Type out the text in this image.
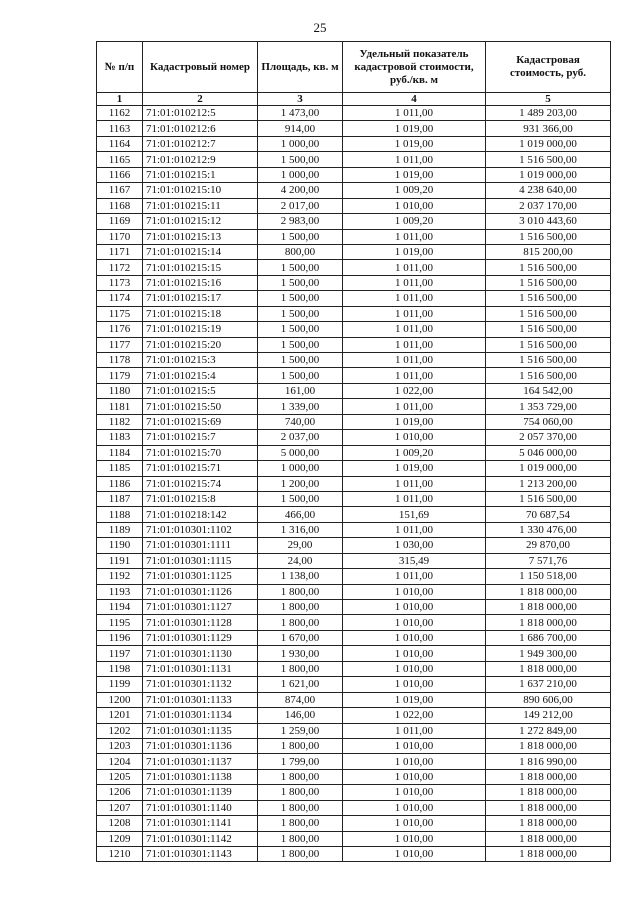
25
№ п/п	Кадастровый номер	Площадь, кв. м	Удельный показатель кадастровой стоимости, руб./кв. м	Кадастровая стоимость, руб.
1	2	3	4	5
1162	71:01:010212:5	1 473,00	1 011,00	1 489 203,00
1163	71:01:010212:6	914,00	1 019,00	931 366,00
1164	71:01:010212:7	1 000,00	1 019,00	1 019 000,00
1165	71:01:010212:9	1 500,00	1 011,00	1 516 500,00
1166	71:01:010215:1	1 000,00	1 019,00	1 019 000,00
1167	71:01:010215:10	4 200,00	1 009,20	4 238 640,00
1168	71:01:010215:11	2 017,00	1 010,00	2 037 170,00
1169	71:01:010215:12	2 983,00	1 009,20	3 010 443,60
1170	71:01:010215:13	1 500,00	1 011,00	1 516 500,00
1171	71:01:010215:14	800,00	1 019,00	815 200,00
1172	71:01:010215:15	1 500,00	1 011,00	1 516 500,00
1173	71:01:010215:16	1 500,00	1 011,00	1 516 500,00
1174	71:01:010215:17	1 500,00	1 011,00	1 516 500,00
1175	71:01:010215:18	1 500,00	1 011,00	1 516 500,00
1176	71:01:010215:19	1 500,00	1 011,00	1 516 500,00
1177	71:01:010215:20	1 500,00	1 011,00	1 516 500,00
1178	71:01:010215:3	1 500,00	1 011,00	1 516 500,00
1179	71:01:010215:4	1 500,00	1 011,00	1 516 500,00
1180	71:01:010215:5	161,00	1 022,00	164 542,00
1181	71:01:010215:50	1 339,00	1 011,00	1 353 729,00
1182	71:01:010215:69	740,00	1 019,00	754 060,00
1183	71:01:010215:7	2 037,00	1 010,00	2 057 370,00
1184	71:01:010215:70	5 000,00	1 009,20	5 046 000,00
1185	71:01:010215:71	1 000,00	1 019,00	1 019 000,00
1186	71:01:010215:74	1 200,00	1 011,00	1 213 200,00
1187	71:01:010215:8	1 500,00	1 011,00	1 516 500,00
1188	71:01:010218:142	466,00	151,69	70 687,54
1189	71:01:010301:1102	1 316,00	1 011,00	1 330 476,00
1190	71:01:010301:1111	29,00	1 030,00	29 870,00
1191	71:01:010301:1115	24,00	315,49	7 571,76
1192	71:01:010301:1125	1 138,00	1 011,00	1 150 518,00
1193	71:01:010301:1126	1 800,00	1 010,00	1 818 000,00
1194	71:01:010301:1127	1 800,00	1 010,00	1 818 000,00
1195	71:01:010301:1128	1 800,00	1 010,00	1 818 000,00
1196	71:01:010301:1129	1 670,00	1 010,00	1 686 700,00
1197	71:01:010301:1130	1 930,00	1 010,00	1 949 300,00
1198	71:01:010301:1131	1 800,00	1 010,00	1 818 000,00
1199	71:01:010301:1132	1 621,00	1 010,00	1 637 210,00
1200	71:01:010301:1133	874,00	1 019,00	890 606,00
1201	71:01:010301:1134	146,00	1 022,00	149 212,00
1202	71:01:010301:1135	1 259,00	1 011,00	1 272 849,00
1203	71:01:010301:1136	1 800,00	1 010,00	1 818 000,00
1204	71:01:010301:1137	1 799,00	1 010,00	1 816 990,00
1205	71:01:010301:1138	1 800,00	1 010,00	1 818 000,00
1206	71:01:010301:1139	1 800,00	1 010,00	1 818 000,00
1207	71:01:010301:1140	1 800,00	1 010,00	1 818 000,00
1208	71:01:010301:1141	1 800,00	1 010,00	1 818 000,00
1209	71:01:010301:1142	1 800,00	1 010,00	1 818 000,00
1210	71:01:010301:1143	1 800,00	1 010,00	1 818 000,00
